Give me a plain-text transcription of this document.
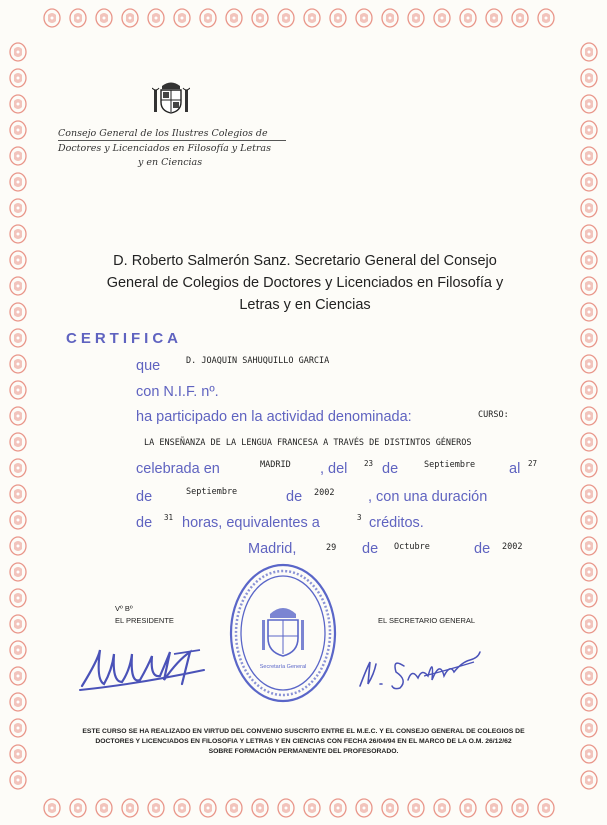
Consejo General de los Ilustres Colegios de
Doctores y Licenciados en Filosofía y Letras
y en Ciencias
D. Roberto Salmerón Sanz. Secretario General del Consejo
General de Colegios de Doctores y Licenciados en Filosofía y
Letras y en Ciencias
CERTIFICA
que	D. JOAQUIN SAHUQUILLO GARCIA
con N.I.F. nº.
ha participado en la actividad denominada:	CURSO:
LA ENSEÑANZA DE LA LENGUA FRANCESA A TRAVÉS DE DISTINTOS GÉNEROS
celebrada en	MADRID , del 23 de	Septiembre al 27
de	Septiembre	de 2002 , con una duración
de 31 horas, equivalentes a	3 créditos.
Madrid,	29 de Octubre	de 2002
Secretaría General
Vº Bº
EL PRESIDENTE	EL SECRETARIO GENERAL
ESTE CURSO SE HA REALIZADO EN VIRTUD DEL CONVENIO SUSCRITO ENTRE EL M.E.C. Y EL CONSEJO GENERAL DE COLEGIOS DE
DOCTORES Y LICENCIADOS EN FILOSOFIA Y LETRAS Y EN CIENCIAS CON FECHA 26/04/94 EN EL MARCO DE LA O.M. 26/12/62
SOBRE FORMACIÓN PERMANENTE DEL PROFESORADO.
